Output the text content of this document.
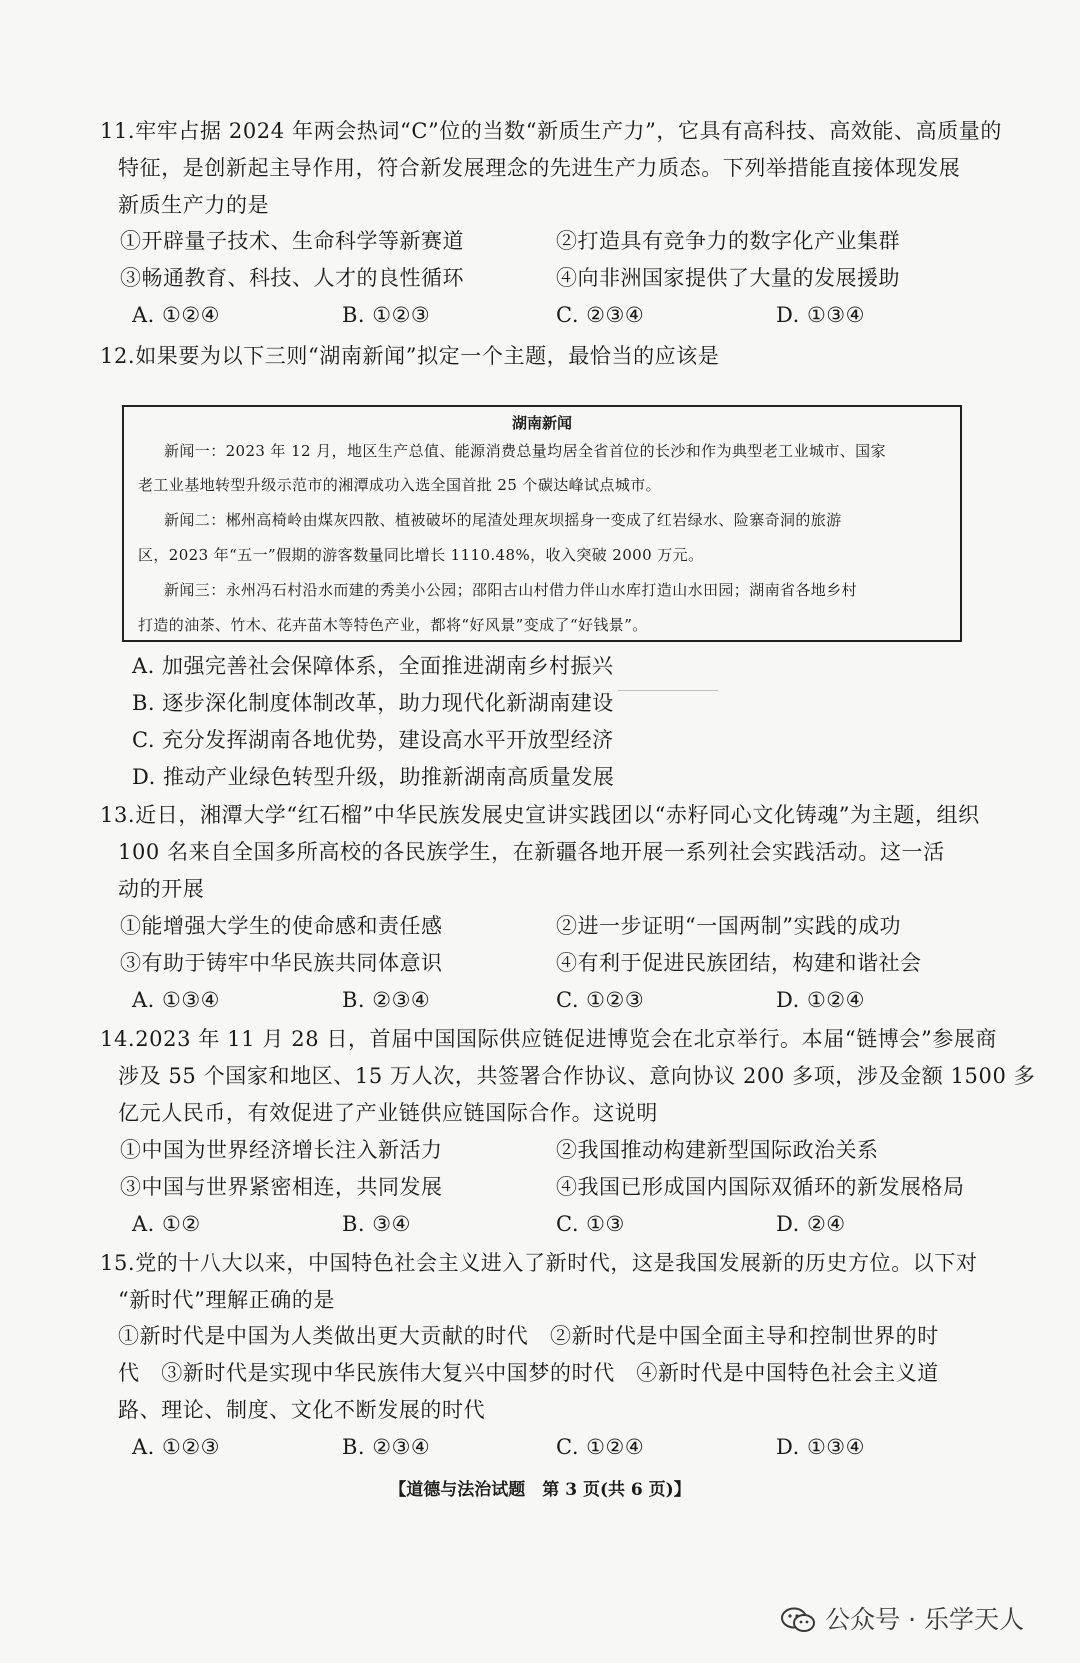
11.牢牢占据 2024 年两会热词“C”位的当数“新质生产力”，它具有高科技、高效能、高质量的
特征，是创新起主导作用，符合新发展理念的先进生产力质态。下列举措能直接体现发展
新质生产力的是
①开辟量子技术、生命科学等新赛道	②打造具有竞争力的数字化产业集群
③畅通教育、科技、人才的良性循环	④向非洲国家提供了大量的发展援助
A. ①②④	B. ①②③	C. ②③④	D. ①③④
12.如果要为以下三则“湖南新闻”拟定一个主题，最恰当的应该是
湖南新闻
新闻一：2023 年 12 月，地区生产总值、能源消费总量均居全省首位的长沙和作为典型老工业城市、国家
老工业基地转型升级示范市的湘潭成功入选全国首批 25 个碳达峰试点城市。
新闻二：郴州高椅岭由煤灰四散、植被破坏的尾渣处理灰坝摇身一变成了红岩绿水、险寨奇洞的旅游
区，2023 年“五一”假期的游客数量同比增长 1110.48%，收入突破 2000 万元。
新闻三：永州冯石村沿水而建的秀美小公园；邵阳古山村借力伴山水库打造山水田园；湖南省各地乡村
打造的油茶、竹木、花卉苗木等特色产业，都将“好风景”变成了“好钱景”。
A. 加强完善社会保障体系，全面推进湖南乡村振兴
B. 逐步深化制度体制改革，助力现代化新湖南建设
C. 充分发挥湖南各地优势，建设高水平开放型经济
D. 推动产业绿色转型升级，助推新湖南高质量发展
13.近日，湘潭大学“红石榴”中华民族发展史宣讲实践团以“赤籽同心文化铸魂”为主题，组织
100 名来自全国多所高校的各民族学生，在新疆各地开展一系列社会实践活动。这一活
动的开展
①能增强大学生的使命感和责任感	②进一步证明“一国两制”实践的成功
③有助于铸牢中华民族共同体意识	④有利于促进民族团结，构建和谐社会
A. ①③④	B. ②③④	C. ①②③	D. ①②④
14.2023 年 11 月 28 日，首届中国国际供应链促进博览会在北京举行。本届“链博会”参展商
涉及 55 个国家和地区、15 万人次，共签署合作协议、意向协议 200 多项，涉及金额 1500 多
亿元人民币，有效促进了产业链供应链国际合作。这说明
①中国为世界经济增长注入新活力	②我国推动构建新型国际政治关系
③中国与世界紧密相连，共同发展	④我国已形成国内国际双循环的新发展格局
A. ①②	B. ③④	C. ①③	D. ②④
15.党的十八大以来，中国特色社会主义进入了新时代，这是我国发展新的历史方位。以下对
“新时代”理解正确的是
①新时代是中国为人类做出更大贡献的时代　②新时代是中国全面主导和控制世界的时
代　③新时代是实现中华民族伟大复兴中国梦的时代　④新时代是中国特色社会主义道
路、理论、制度、文化不断发展的时代
A. ①②③	B. ②③④	C. ①②④	D. ①③④
【道德与法治试题　第 3 页(共 6 页)】
公众号 · 乐学天人
